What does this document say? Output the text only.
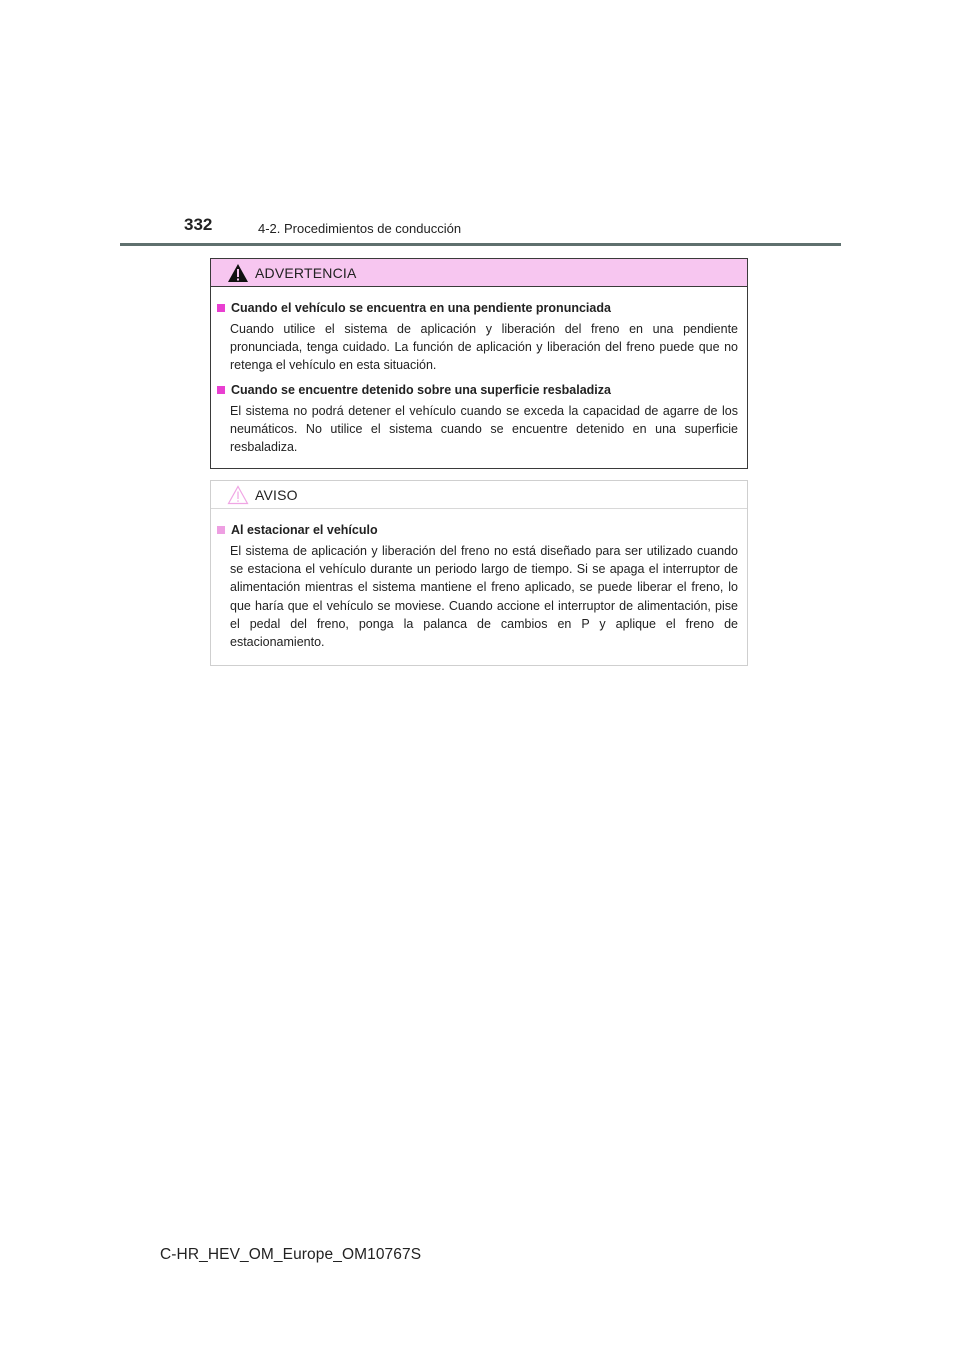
332	4-2. Procedimientos de conducción
ADVERTENCIA
Cuando el vehículo se encuentra en una pendiente pronunciada

Cuando utilice el sistema de aplicación y liberación del freno en una pendiente pronunciada, tenga cuidado. La función de aplicación y liberación del freno puede que no retenga el vehículo en esta situación.

Cuando se encuentre detenido sobre una superficie resbaladiza

El sistema no podrá detener el vehículo cuando se exceda la capacidad de agarre de los neumáticos. No utilice el sistema cuando se encuentre detenido en una superficie resbaladiza.

AVISO
Al estacionar el vehículo

El sistema de aplicación y liberación del freno no está diseñado para ser utilizado cuando se estaciona el vehículo durante un periodo largo de tiempo. Si se apaga el interruptor de alimentación mientras el sistema mantiene el freno aplicado, se puede liberar el freno, lo que haría que el vehículo se moviese. Cuando accione el interruptor de alimentación, pise el pedal del freno, ponga la palanca de cambios en P y aplique el freno de estacionamiento.

C-HR_HEV_OM_Europe_OM10767S
